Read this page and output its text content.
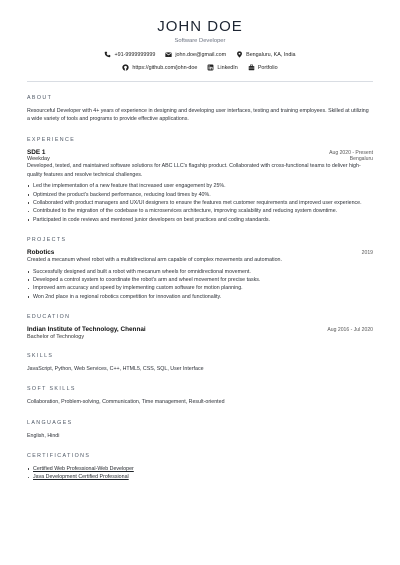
JOHN DOE
Software Developer
+91-9999999999	john.doe@gmail.com	Bengaluru, KA, India
https://github.com/john-doe	LinkedIn	Portfolio
ABOUT
Resourceful Developer with 4+ years of experience in designing and developing user interfaces, testing and training employees. Skilled at utilizing a wide variety of tools and programs to provide effective applications.
EXPERIENCE
SDE 1	Aug 2020 - Present
Weekday	Bengaluru
Developed, tested, and maintained software solutions for ABC LLC's flagship product. Collaborated with cross-functional teams to deliver high-quality features and resolve technical challenges.
Led the implementation of a new feature that increased user engagement by 25%.
Optimized the product's backend performance, reducing load times by 40%.
Collaborated with product managers and UX/UI designers to ensure the features met customer requirements and improved user experience.
Contributed to the migration of the codebase to a microservices architecture, improving scalability and reducing system downtime.
Participated in code reviews and mentored junior developers on best practices and coding standards.
PROJECTS
Robotics	2019
Created a mecanum wheel robot with a multidirectional arm capable of complex movements and automation.
Successfully designed and built a robot with mecanum wheels for omnidirectional movement.
Developed a control system to coordinate the robot's arm and wheel movement for precise tasks.
Improved arm accuracy and speed by implementing custom software for motion planning.
Won 2nd place in a regional robotics competition for innovation and functionality.
EDUCATION
Indian Institute of Technology, Chennai	Aug 2016 - Jul 2020
Bachelor of Technology
SKILLS
JavaScript, Python, Web Services, C++, HTML5, CSS, SQL, User Interface
SOFT SKILLS
Collaboration, Problem-solving, Communication, Time management, Result-oriented
LANGUAGES
English, Hindi
CERTIFICATIONS
Certified Web Professional-Web Developer
Java Development Certified Professional
